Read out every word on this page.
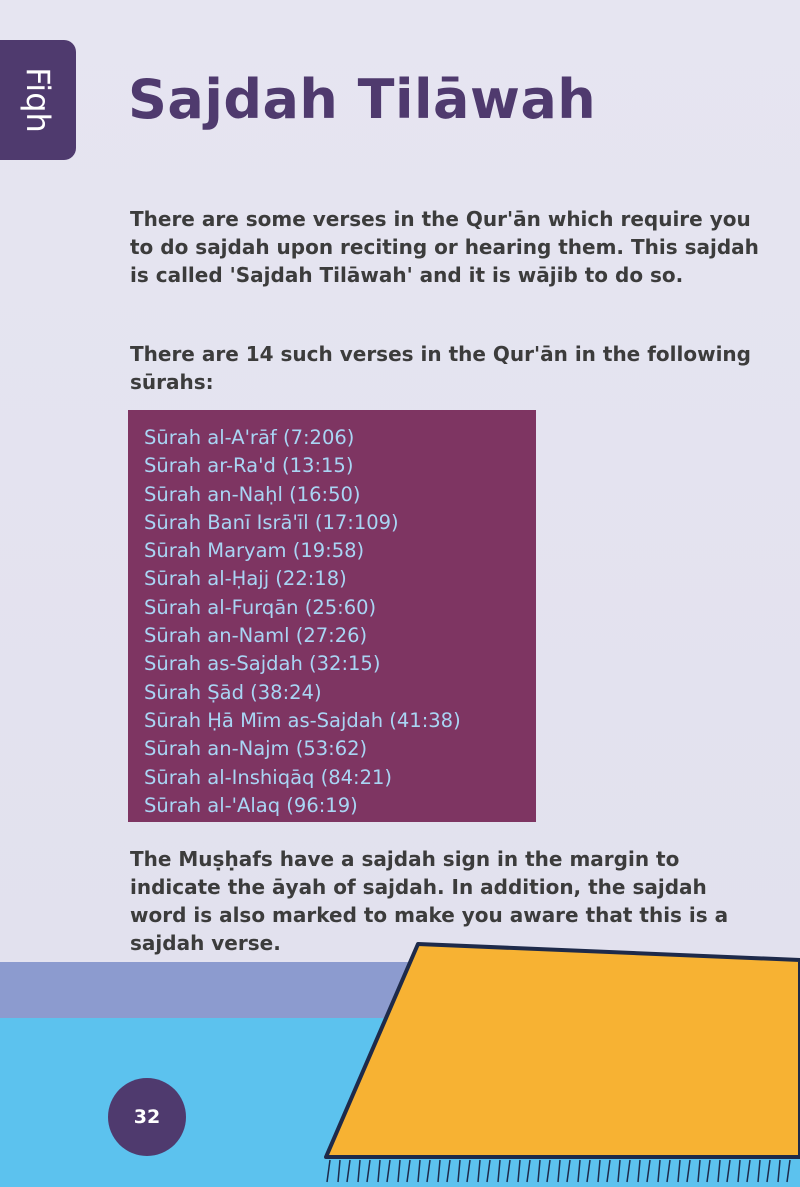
Fiqh Sajdah Tilāwah

There are some verses in the Qur'ān which require you to do sajdah upon reciting or hearing them. This sajdah is called 'Sajdah Tilāwah' and it is wājib to do so.

There are 14 such verses in the Qur'ān in the following sūrahs:

Sūrah al-A'rāf (7:206)
Sūrah ar-Ra'd (13:15)
Sūrah an-Naḥl (16:50)
Sūrah Banī Isrā'īl (17:109)
Sūrah Maryam (19:58)
Sūrah al-Ḥajj (22:18)
Sūrah al-Furqān (25:60)
Sūrah an-Naml (27:26)
Sūrah as-Sajdah (32:15)
Sūrah Ṣād (38:24)
Sūrah Ḥā Mīm as-Sajdah (41:38)
Sūrah an-Najm (53:62)
Sūrah al-Inshiqāq (84:21)
Sūrah al-'Alaq (96:19)

The Muṣḥafs have a sajdah sign in the margin to indicate the āyah of sajdah. In addition, the sajdah word is also marked to make you aware that this is a sajdah verse.

32
